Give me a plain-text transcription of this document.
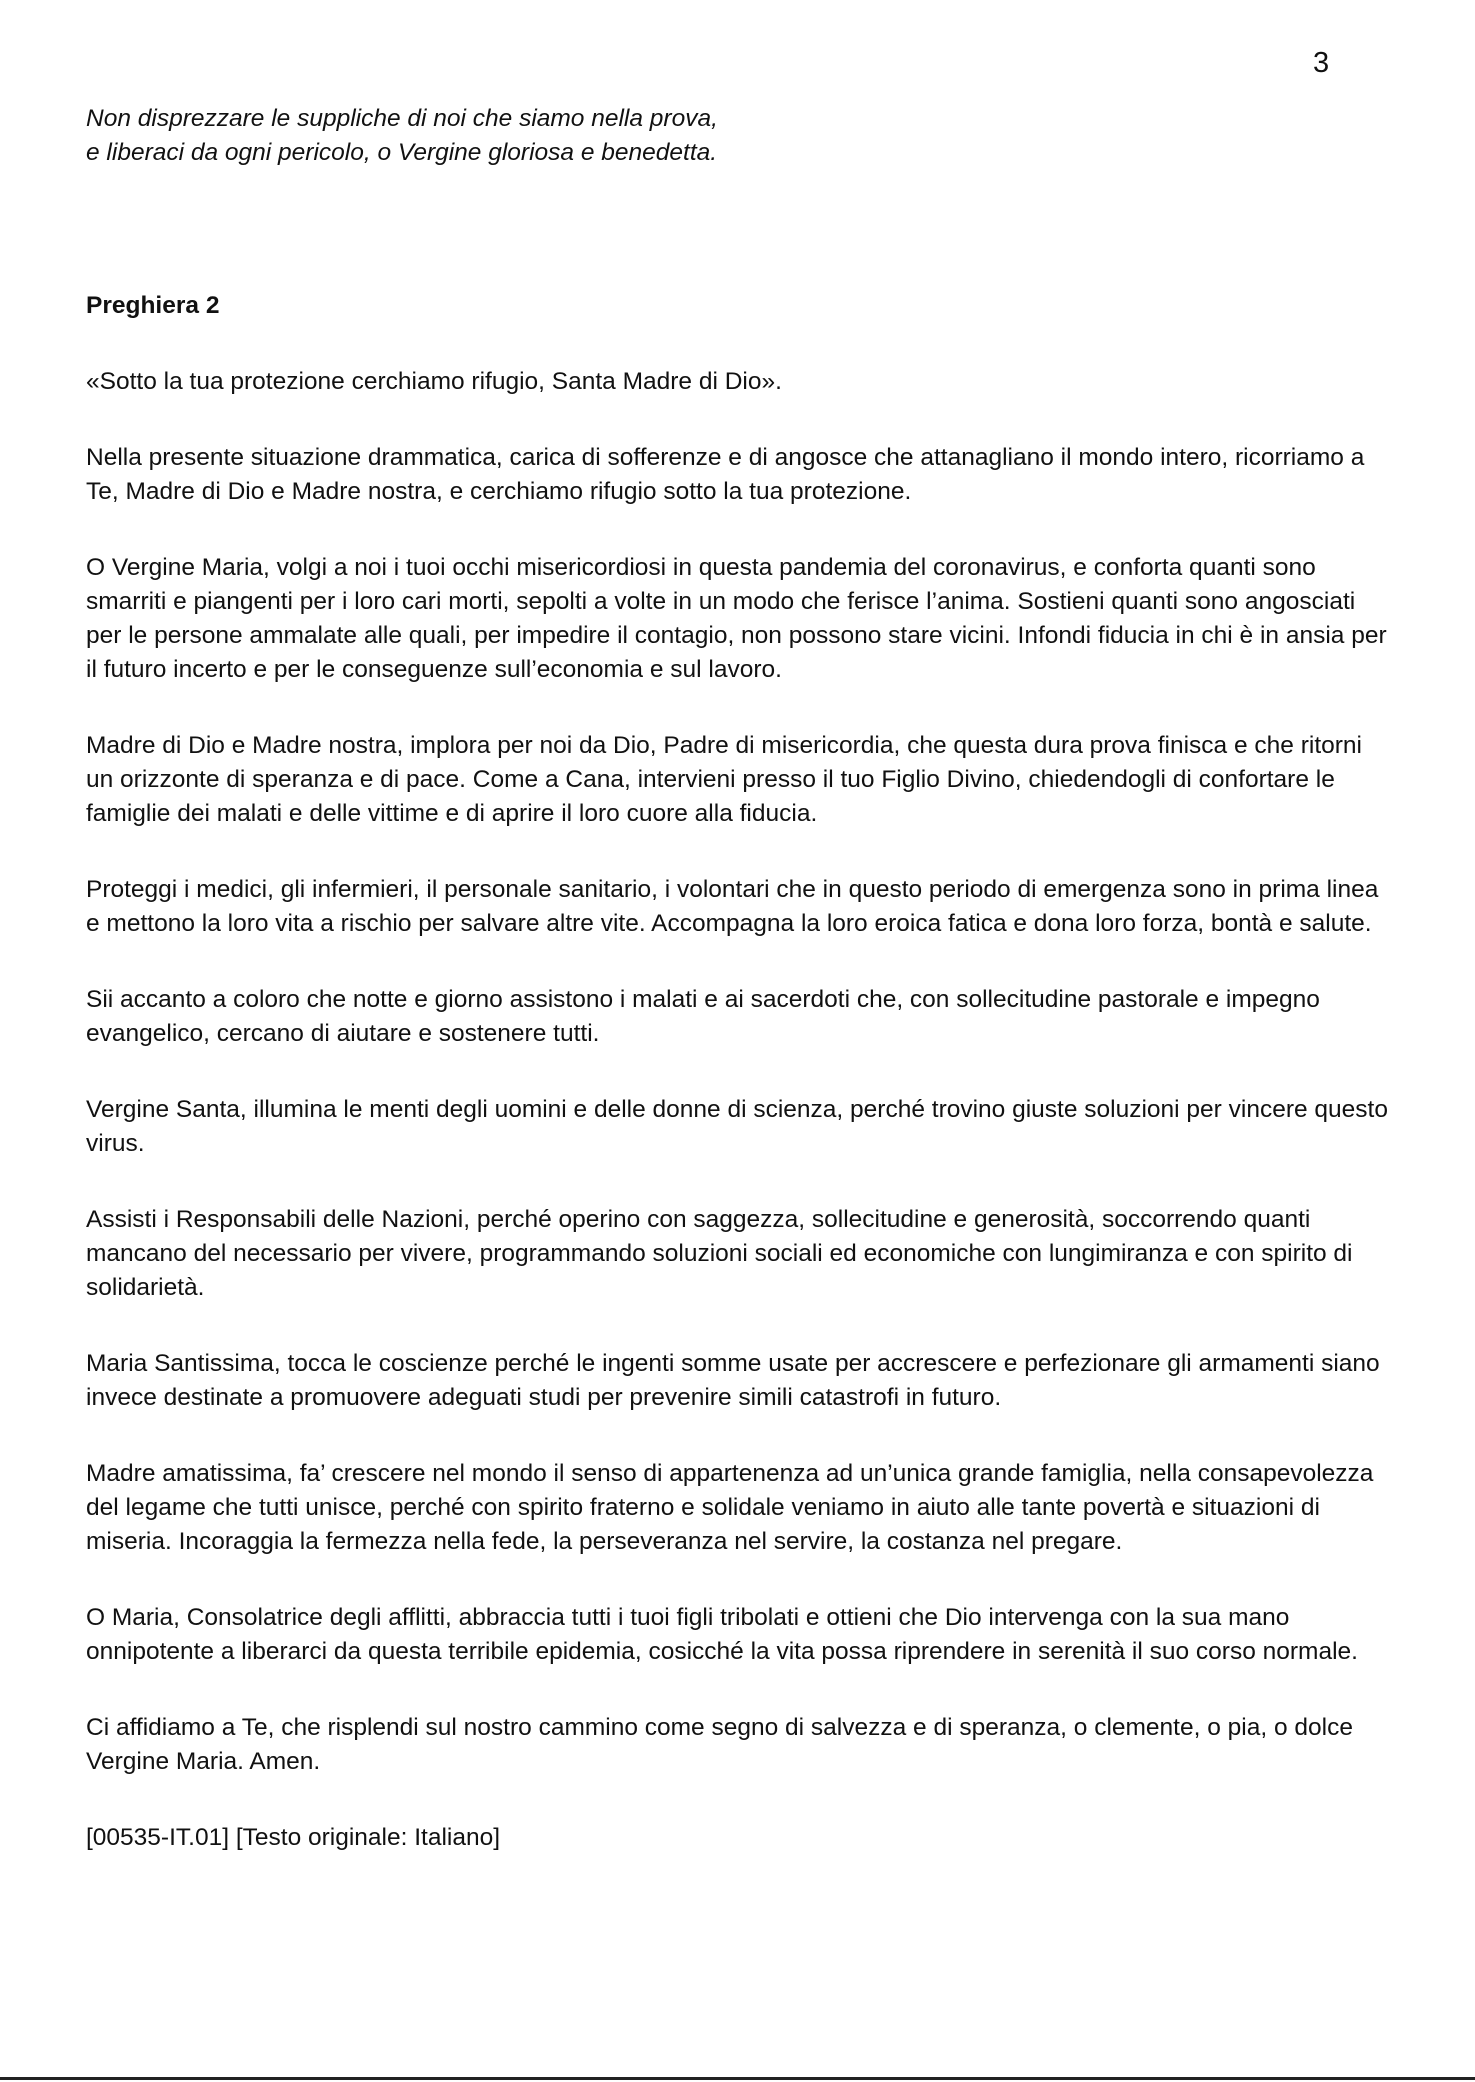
3
Non disprezzare le suppliche di noi che siamo nella prova,
e liberaci da ogni pericolo, o Vergine gloriosa e benedetta.
Preghiera 2

«Sotto la tua protezione cerchiamo rifugio, Santa Madre di Dio».

Nella presente situazione drammatica, carica di sofferenze e di angosce che attanagliano il mondo intero, ricorriamo a Te, Madre di Dio e Madre nostra, e cerchiamo rifugio sotto la tua protezione.

O Vergine Maria, volgi a noi i tuoi occhi misericordiosi in questa pandemia del coronavirus, e conforta quanti sono smarriti e piangenti per i loro cari morti, sepolti a volte in un modo che ferisce l’anima. Sostieni quanti sono angosciati per le persone ammalate alle quali, per impedire il contagio, non possono stare vicini. Infondi fiducia in chi è in ansia per il futuro incerto e per le conseguenze sull’economia e sul lavoro.

Madre di Dio e Madre nostra, implora per noi da Dio, Padre di misericordia, che questa dura prova finisca e che ritorni un orizzonte di speranza e di pace. Come a Cana, intervieni presso il tuo Figlio Divino, chiedendogli di confortare le famiglie dei malati e delle vittime e di aprire il loro cuore alla fiducia.

Proteggi i medici, gli infermieri, il personale sanitario, i volontari che in questo periodo di emergenza sono in prima linea e mettono la loro vita a rischio per salvare altre vite. Accompagna la loro eroica fatica e dona loro forza, bontà e salute.

Sii accanto a coloro che notte e giorno assistono i malati e ai sacerdoti che, con sollecitudine pastorale e impegno evangelico, cercano di aiutare e sostenere tutti.

Vergine Santa, illumina le menti degli uomini e delle donne di scienza, perché trovino giuste soluzioni per vincere questo virus.

Assisti i Responsabili delle Nazioni, perché operino con saggezza, sollecitudine e generosità, soccorrendo quanti mancano del necessario per vivere, programmando soluzioni sociali ed economiche con lungimiranza e con spirito di solidarietà.

Maria Santissima, tocca le coscienze perché le ingenti somme usate per accrescere e perfezionare gli armamenti siano invece destinate a promuovere adeguati studi per prevenire simili catastrofi in futuro.

Madre amatissima, fa’ crescere nel mondo il senso di appartenenza ad un’unica grande famiglia, nella consapevolezza del legame che tutti unisce, perché con spirito fraterno e solidale veniamo in aiuto alle tante povertà e situazioni di miseria. Incoraggia la fermezza nella fede, la perseveranza nel servire, la costanza nel pregare.

O Maria, Consolatrice degli afflitti, abbraccia tutti i tuoi figli tribolati e ottieni che Dio intervenga con la sua mano onnipotente a liberarci da questa terribile epidemia, cosicché la vita possa riprendere in serenità il suo corso normale.

Ci affidiamo a Te, che risplendi sul nostro cammino come segno di salvezza e di speranza, o clemente, o pia, o dolce Vergine Maria. Amen.

[00535-IT.01] [Testo originale: Italiano]
